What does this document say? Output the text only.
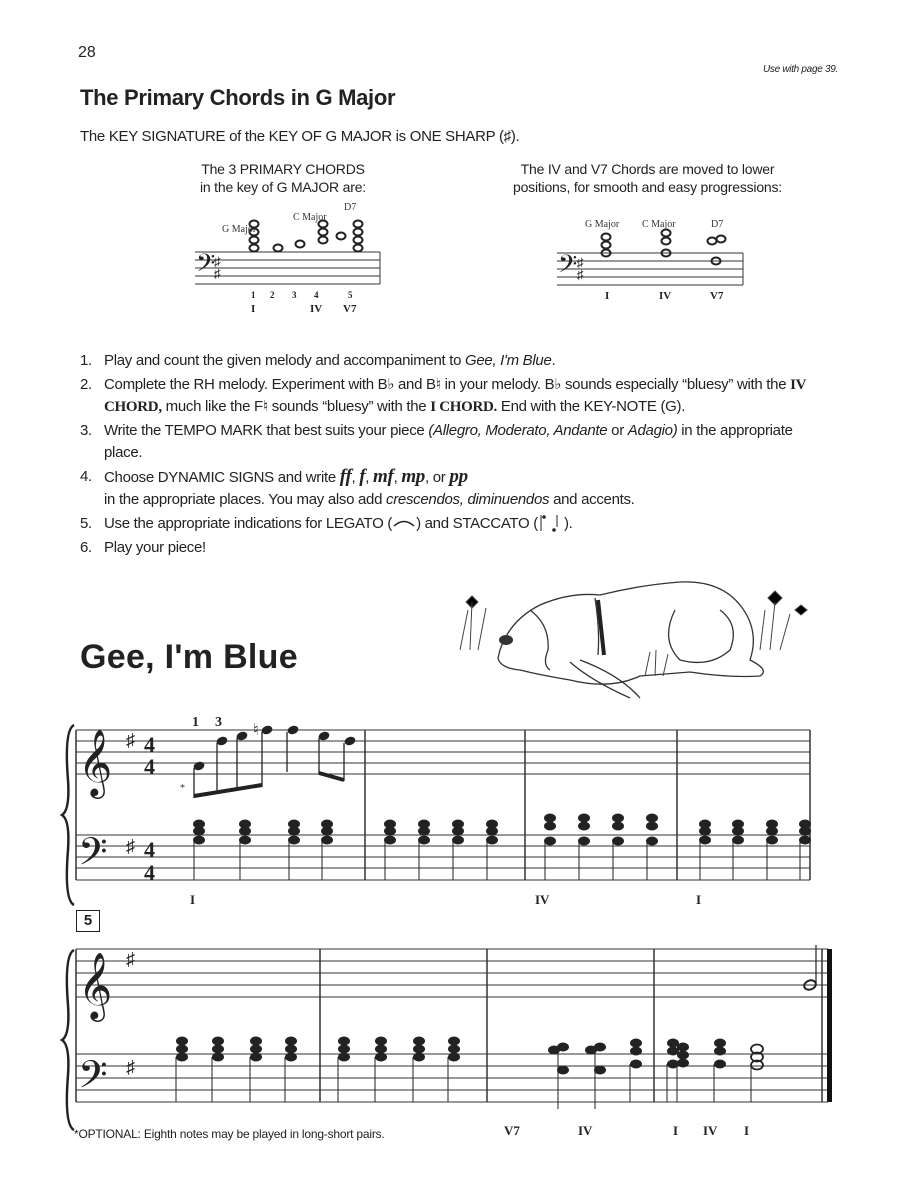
28
Use with page 39.
The Primary Chords in G Major
The KEY SIGNATURE of the KEY OF G MAJOR is ONE SHARP (♯).
The 3 PRIMARY CHORDS
in the key of G MAJOR are:
𝄢
♯
♯
G Major
C Major
D7
1 2 3 4	5
I	IV V7
The IV and V7 Chords are moved to lower
positions, for smooth and easy progressions:
𝄢 ♯
♯
G Major C Major	D7
I	IV	V7
1. Play and count the given melody and accompaniment to Gee, I'm Blue.
2. Complete the RH melody. Experiment with B♭ and B♮ in your melody. B♭ sounds especially “bluesy” with the IV CHORD, much like the F♮ sounds “bluesy” with the I CHORD. End with the KEY-NOTE (G).
3. Write the TEMPO MARK that best suits your piece (Allegro, Moderato, Andante or Adagio) in the appropriate place.
4. Choose DYNAMIC SIGNS and write ff, f, mf, mp, or pp
in the appropriate places. You may also add crescendos, diminuendos and accents.
5. Use the appropriate indications for LEGATO ( ) and STACCATO ( ).
6. Play your piece!
Gee, I'm Blue
𝄞
𝄢
♯
♯
4
4
4
4
*
1 3 ♮
I	IV	I
5
𝄞
𝄢
♯
♯
V7	IV	I IV I
*OPTIONAL: Eighth notes may be played in long-short pairs.
